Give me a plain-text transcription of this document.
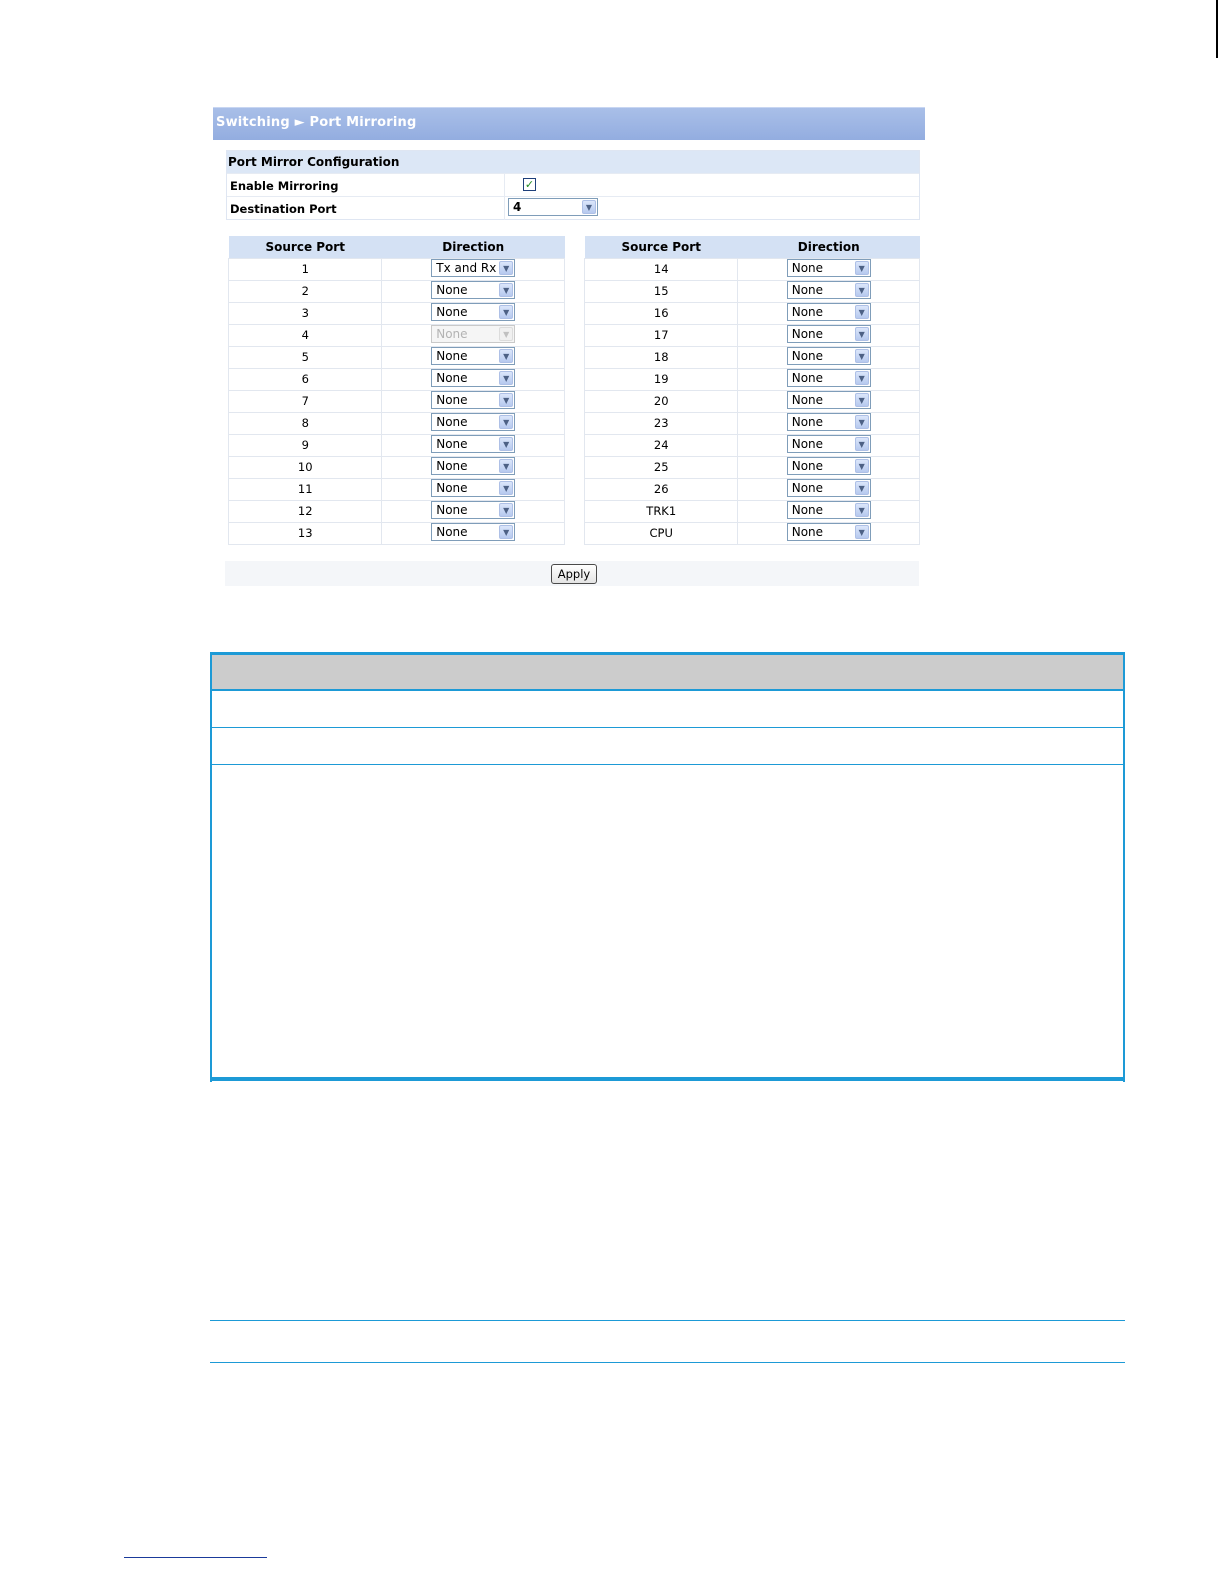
Switching ► Port Mirroring
Port Mirror Configuration
Enable Mirroring	✓
Destination Port	4	▼
Source Port	Direction
1	Tx and Rx ▼

2	None ▼

3	None ▼

4	None ▼

5	None ▼

6	None ▼

7	None ▼

8	None ▼

9	None ▼

10	None ▼

11	None ▼

12	None ▼

13	None ▼
Source Port	Direction
14	None ▼

15	None ▼

16	None ▼

17	None ▼

18	None ▼

19	None ▼

20	None ▼

23	None ▼

24	None ▼

25	None ▼

26	None ▼

TRK1	None ▼

CPU	None ▼
Apply
